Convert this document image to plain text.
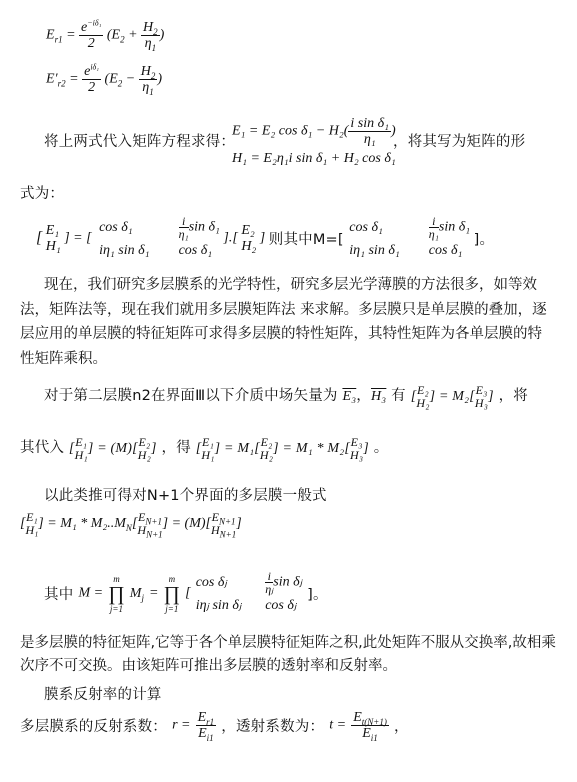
$E_{r1} = \frac{e^{-i\delta_1}}{2} (E_2 + \frac{H_2}{\eta_1}$ )
$E'_{r2} = \frac{e^{i\delta_1}}{2} (E_2 - \frac{H_2}{\eta_1}$ )
将上两式代入矩阵方程求得：
E₁ = E₂ $\cos \delta_1 - H_2( \frac{\text{i sin δ₁}}{\text{η₁}}$ )
H₁ = E₂η₁i sin δ₁ + H₂ cos δ₁
，将其写为矩阵的形
式为：
[ E₁
H₁
] = [
cos δ₁	$\frac{i}{\text{η₁}}$ sin δ₁
iη₁ sin δ₁ cos δ₁
].[
E₂
H₂
] 则其中M=[
cos δ₁	$\frac{i}{\text{η₁}}$ sin δ₁
iη₁ sin δ₁ cos δ₁
]。
现在，我们研究多层膜系的光学特性，研究多层光学薄膜的方法很多，如等效法，矩阵法等，现在我们就用多层膜矩阵法 来求解。多层膜只是单层膜的叠加，逐层应用的单层膜的特征矩阵可求得多层膜的特性矩阵，其特性矩阵为各单层膜的特性矩阵乘积。
对于第二层膜n2在界面Ⅲ以下介质中场矢量为 E₃，H₃ 有 [ E₂
H₂ ] = M₂[ E₃
H₃ ] ，将
其代入 [ E₁
H₁ ] = (M)[ E₂
H₂ ] ，得 [ E₁
H₁ ] = M₁[ E₂
H₂ ] = M₁ * M₂[ E₃
H₃ ] 。
以此类推可得对N+1个界面的多层膜一般式
[ E₁
H₁ ] = $M_1 * M_2..M_N$[ $E_{N+1}$
$H_{N+1}$
] = (M)[ $E_{N+1}$
$H_{N+1}$
]
其中 M =
m
∏
j=1
$M_j$ =
m
∏
j=1
[
cos δⱼ	$\frac{i}{\text{ηⱼ}}$ sin δⱼ
iηⱼ sin δⱼ cos δⱼ
]。
是多层膜的特征矩阵,它等于各个单层膜特征矩阵之积,此处矩阵不服从交换率,故相乘次序不可交换。由该矩阵可推出多层膜的透射率和反射率。
膜系反射率的计算
多层膜系的反射系数： $r = \frac{E_{r1}}{E_{i1}}$ ，透射系数为： $t = \frac{E_{t(N+1)}}{E_{i1}}$ ，
